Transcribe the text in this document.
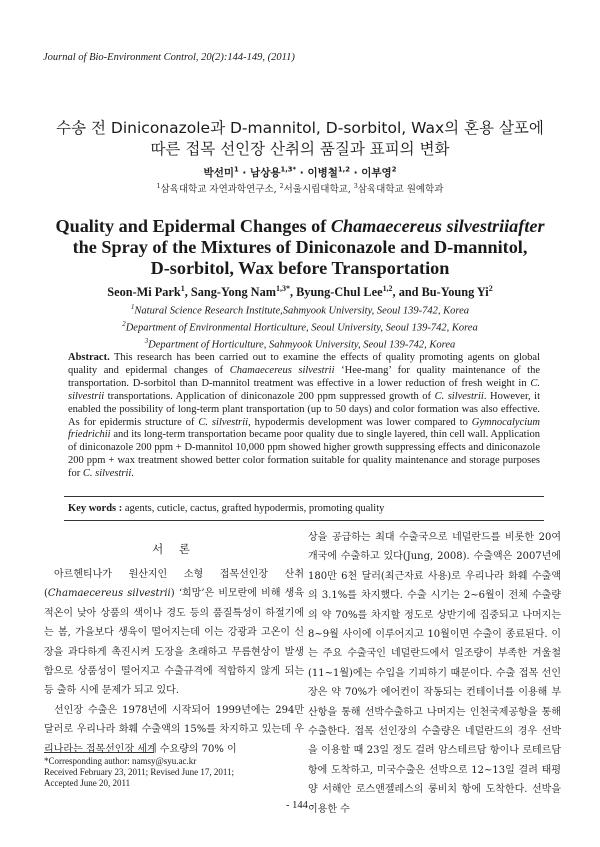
Journal of Bio-Environment Control, 20(2):144-149, (2011)
수송 전 Diniconazole과 D-mannitol, D-sorbitol, Wax의 혼용 살포에
따른 접목 선인장 산취의 품질과 표피의 변화
박선미$^1$ · 남상용$^{1,3*}$ · 이병철$^{1,2}$ · 이부영$^2$
$^1$삼육대학교 자연과학연구소, $^2$서울시립대학교, $^3$삼육대학교 원예학과
Quality and Epidermal Changes of Chamaecereus silvestriiafter
the Spray of the Mixtures of Diniconazole and D-mannitol,
D-sorbitol, Wax before Transportation
Seon-Mi Park$^1$, Sang-Yong Nam$^{1,3*}$, Byung-Chul Lee$^{1,2}$, and Bu-Young Yi$^2$
$^1$Natural Science Research Institute,Sahmyook University, Seoul 139-742, Korea
$^2$Department of Environmental Horticulture, Seoul University, Seoul 139-742, Korea
$^3$Department of Horticulture, Sahmyook University, Seoul 139-742, Korea
Abstract. This research has been carried out to examine the effects of quality promoting agents on global quality and epidermal changes of Chamaecereus silvestrii ‘Hee-mang’ for quality maintenance of the transportation. D-sorbitol than D-mannitol treatment was effective in a lower reduction of fresh weight in C. silvestrii transportations. Application of diniconazole 200 ppm suppressed growth of C. silvestrii. However, it enabled the possibility of long-term plant transportation (up to 50 days) and color formation was also effective. As for epidermis structure of C. silvestrii, hypodermis development was lower compared to Gymnocalycium friedrichii and its long-term transportation became poor quality due to single layered, thin cell wall. Application of diniconazole 200 ppm + D-mannitol 10,000 ppm showed higher growth suppressing effects and diniconazole 200 ppm + wax treatment showed better color formation suitable for quality maintenance and storage purposes for C. silvestrii.
Key words : agents, cuticle, cactus, grafted hypodermis, promoting quality
서 론

아르헨티나가 원산지인 소형 접목선인장 산취 (Chamaecereus silvestrii) ‘희망’은 비모란에 비해 생육적온이 낮아 상품의 색이나 경도 등의 품질특성이 하절기에는 봄, 가을보다 생육이 떨어지는데 이는 강광과 고온이 신장을 과다하게 촉진시켜 도장을 초래하고 무름현상이 발생함으로 상품성이 떨어지고 수출규격에 적합하지 않게 되는 등 출하 시에 문제가 되고 있다.

선인장 수출은 1978년에 시작되어 1999년에는 294만 달러로 우리나라 화훼 수출액의 15%를 차지하고 있는데 우리나라는 접목선인장 세계 수요량의 70% 이

상을 공급하는 최대 수출국으로 네덜란드를 비롯한 20여 개국에 수출하고 있다(Jung, 2008). 수출액은 2007년에 180만 6천 달러(최근자료 사용)로 우리나라 화훼 수출액의 3.1%를 차지했다. 수출 시기는 2~6월이 전체 수출량의 약 70%를 차지할 정도로 상반기에 집중되고 나머지는 8~9월 사이에 이루어지고 10월이면 수출이 종료된다. 이는 주요 수출국인 네덜란드에서 일조량이 부족한 겨울철(11~1월)에는 수입을 기피하기 때문이다. 수출 접목 선인장은 약 70%가 에어컨이 작동되는 컨테이너를 이용해 부산항을 통해 선박수출하고 나머지는 인천국제공항을 통해 수출한다. 접목 선인장의 수출량은 네덜란드의 경우 선박을 이용할 때 23일 정도 걸려 암스테르담 항이나 로테르담 항에 도착하고, 미국수출은 선박으로 12~13일 결려 태평양 서해안 로스앤젤레스의 롱비치 항에 도착한다. 선박을 이용한 수

*Corresponding author: namsy@syu.ac.kr
Received February 23, 2011; Revised June 17, 2011;
Accepted June 20, 2011
- 144 -
